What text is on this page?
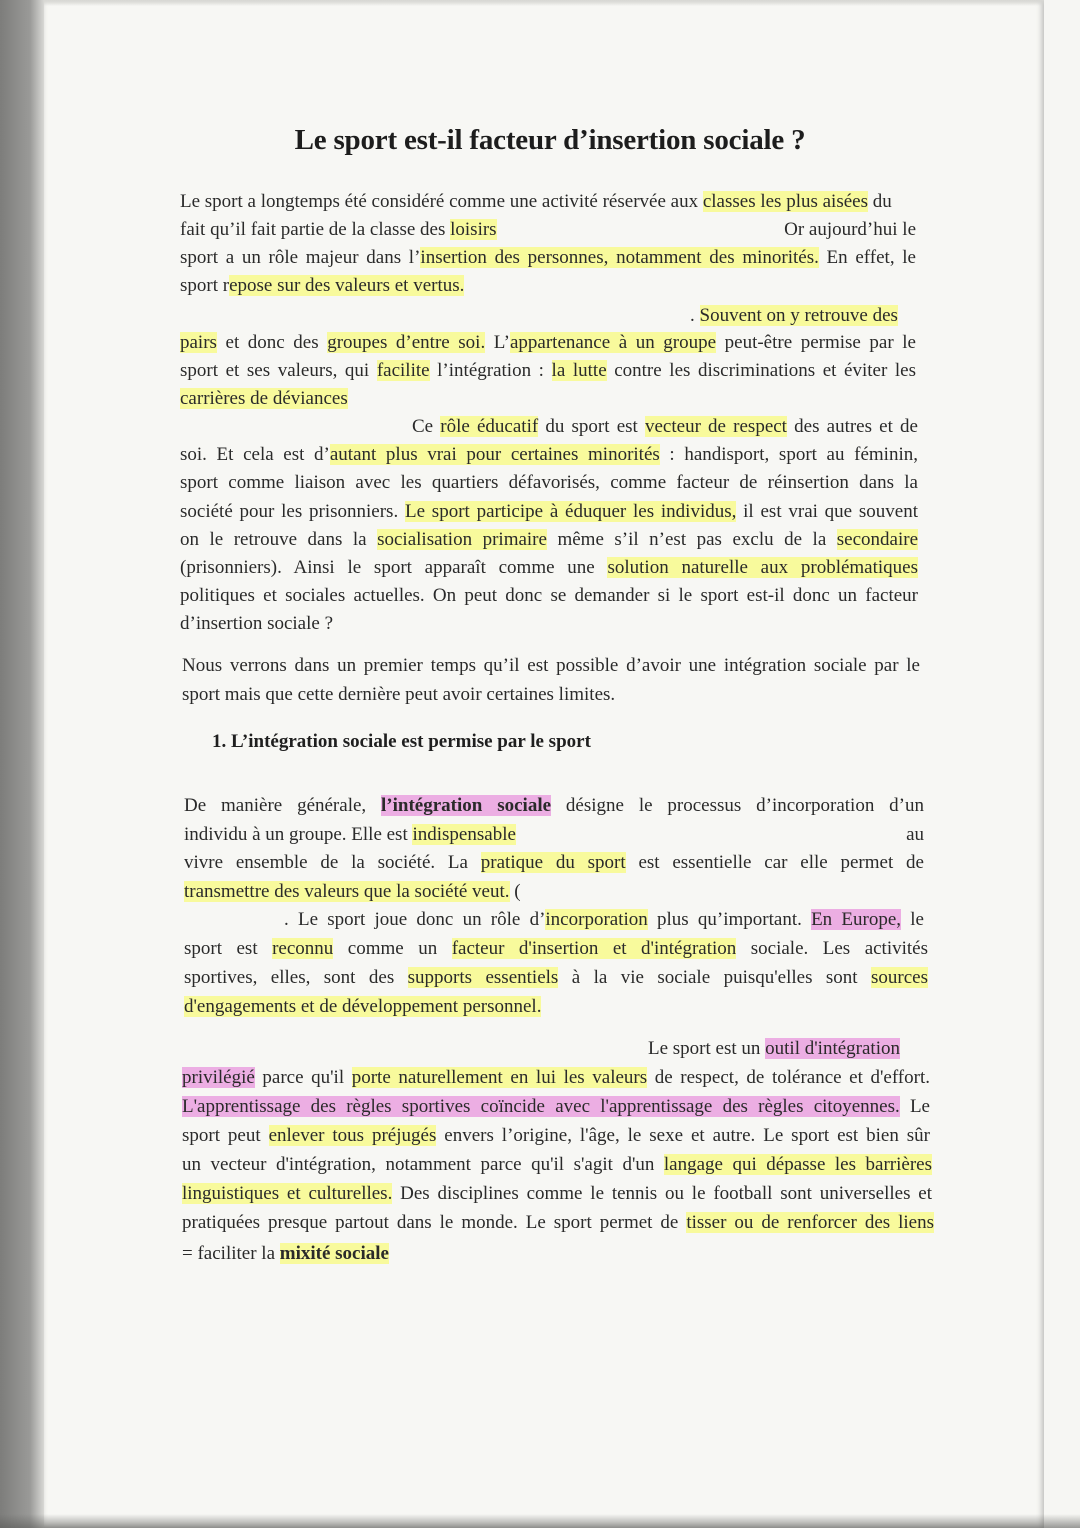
Le sport est-il facteur d’insertion sociale ?
Le sport a longtemps été considéré comme une activité réservée aux classes les plus aisées du
fait qu’il fait partie de la classe des loisirs	Or aujourd’hui le
sport a un rôle majeur dans l’insertion des personnes, notamment des minorités. En effet, le
sport repose sur des valeurs et vertus.
. Souvent on y retrouve des
pairs et donc des groupes d’entre soi. L’appartenance à un groupe peut-être permise par le
sport et ses valeurs, qui facilite l’intégration : la lutte contre les discriminations et éviter les
carrières de déviances
Ce rôle éducatif du sport est vecteur de respect des autres et de
soi. Et cela est d’autant plus vrai pour certaines minorités : handisport, sport au féminin,
sport comme liaison avec les quartiers défavorisés, comme facteur de réinsertion dans la
société pour les prisonniers. Le sport participe à éduquer les individus, il est vrai que souvent
on le retrouve dans la socialisation primaire même s’il n’est pas exclu de la secondaire
(prisonniers). Ainsi le sport apparaît comme une solution naturelle aux problématiques
politiques et sociales actuelles. On peut donc se demander si le sport est-il donc un facteur
d’insertion sociale ?
Nous verrons dans un premier temps qu’il est possible d’avoir une intégration sociale par le
sport mais que cette dernière peut avoir certaines limites.
1. L’intégration sociale est permise par le sport
De manière générale, l’intégration sociale désigne le processus d’incorporation d’un
individu à un groupe. Elle est indispensable	au
vivre ensemble de la société. La pratique du sport est essentielle car elle permet de
transmettre des valeurs que la société veut. (
. Le sport joue donc un rôle d’incorporation plus qu’important. En Europe, le
sport est reconnu comme un facteur d'insertion et d'intégration sociale. Les activités
sportives, elles, sont des supports essentiels à la vie sociale puisqu'elles sont sources
d'engagements et de développement personnel.
Le sport est un outil d'intégration
privilégié parce qu'il porte naturellement en lui les valeurs de respect, de tolérance et d'effort.
L'apprentissage des règles sportives coïncide avec l'apprentissage des règles citoyennes. Le
sport peut enlever tous préjugés envers l’origine, l'âge, le sexe et autre. Le sport est bien sûr
un vecteur d'intégration, notamment parce qu'il s'agit d'un langage qui dépasse les barrières
linguistiques et culturelles. Des disciplines comme le tennis ou le football sont universelles et
pratiquées presque partout dans le monde. Le sport permet de tisser ou de renforcer des liens
= faciliter la mixité sociale
